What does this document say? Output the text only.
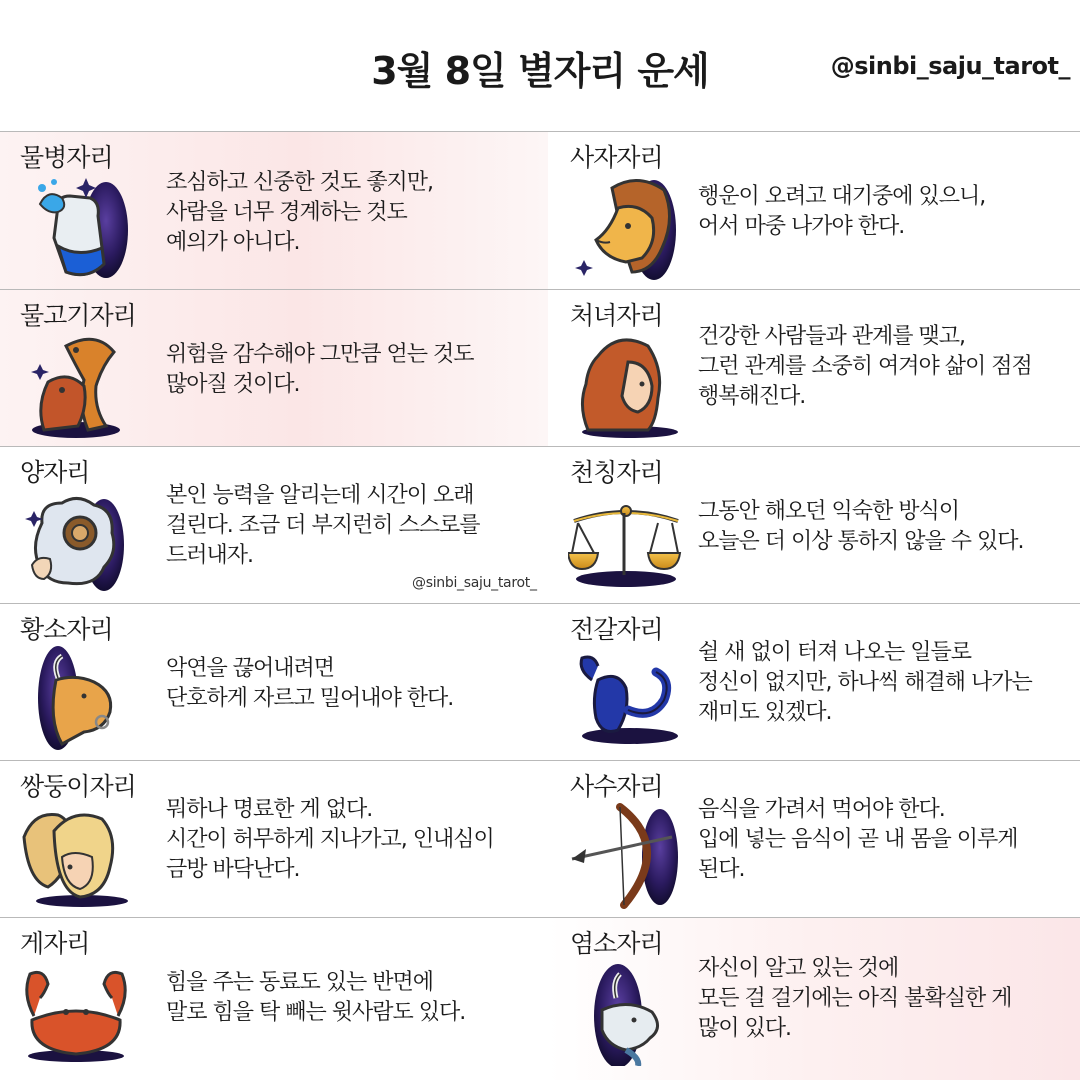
3월 8일 별자리 운세	@sinbi_saju_tarot_
물병자리
조심하고 신중한 것도 좋지만,
사람을 너무 경계하는 것도
예의가 아니다.
사자자리
행운이 오려고 대기중에 있으니,
어서 마중 나가야 한다.
물고기자리
위험을 감수해야 그만큼 얻는 것도
많아질 것이다.
처녀자리
건강한 사람들과 관계를 맺고,
그런 관계를 소중히 여겨야 삶이 점점
행복해진다.
양자리
본인 능력을 알리는데 시간이 오래
걸린다. 조금 더 부지런히 스스로를
드러내자.
@sinbi_saju_tarot_
천칭자리
그동안 해오던 익숙한 방식이
오늘은 더 이상 통하지 않을 수 있다.
황소자리
악연을 끊어내려면
단호하게 자르고 밀어내야 한다.
전갈자리
쉴 새 없이 터져 나오는 일들로
정신이 없지만, 하나씩 해결해 나가는
재미도 있겠다.
쌍둥이자리
뭐하나 명료한 게 없다.
시간이 허무하게 지나가고, 인내심이
금방 바닥난다.
사수자리
음식을 가려서 먹어야 한다.
입에 넣는 음식이 곧 내 몸을 이루게
된다.
게자리
힘을 주는 동료도 있는 반면에
말로 힘을 탁 빼는 윗사람도 있다.
염소자리
자신이 알고 있는 것에
모든 걸 걸기에는 아직 불확실한 게
많이 있다.
